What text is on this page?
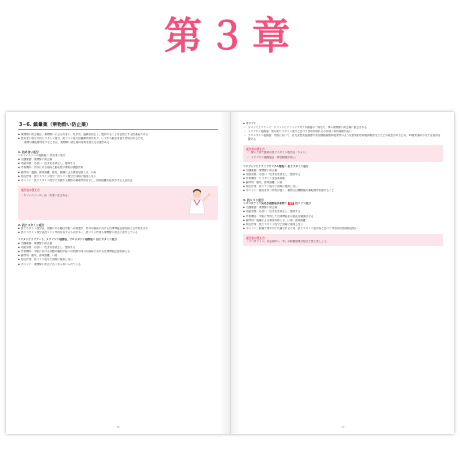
第３章
3−6. 鎮暈薬（乗物酔い防止薬）
● 乗物酔い防止薬は、乗物酔いによるめまい、吐き気、頭痛を防止し、緩和することを目的とする医薬品である
● 抗めまい成分や抗ヒスタミン成分、抗コリン成分は鎮静作用があり、いずれも眠気を促す作用があるため、
乗物の運転操作をするときは、乗物酔い防止薬の使用を控える必要がある
1. 抗めまい成分
＜ジフェニドール塩酸塩＞ 抗めまい成分
● 出題範囲：乗物酔い防止薬
● 効能効果：めまい・吐き気を防止し、緩和する
● 作用機序：内耳にある前庭と脳を結ぶ神経の調節作用
● 副作用：頭痛、排尿困難、眠気、散瞳による異常な眩しさ、口渇
● 相互作用：抗ヒスタミン成分・抗コリン成分と同時に服用しない
● ポイント：抗ヒスタミン成分と共通する類似の薬理作用を示し、排尿困難の症状がある人は注意
成分名の覚え方
「ジフェニドール」は「めまいを止める」
2. 抗ヒスタミン成分
● 抗ヒスタミン成分は、延髄にある嘔吐中枢への刺激や、内耳の前庭における自律神経反射を抑える作用を示す
● 抗ヒスタミン成分は抗コリン作用を有するものが多く、抗コリン作用も乗物酔い防止に寄与している
＜ジメンヒドリナート、メクリジン塩酸塩、プロメタジン塩酸塩＞ 抗ヒスタミン成分
● 出題範囲：乗物酔い防止薬
● 効能効果：めまい・吐き気を防止し、緩和する
● 作用機序：中枢における延髄の嘔吐中枢への刺激や内耳の前庭における自律神経反射を抑える
● 副作用：眠気、排尿困難、口渇
● 相互作用：抗コリン成分と同時に服用しない
● ポイント：乗物酔い防止に古くから用いられている
74
● ポイント
✓ ジメンヒドリナート：ジフェンヒドラミンテオクル酸塩の一般名で、専ら乗物酔い防止薬に配合される
✓ メクリジン塩酸塩：他の抗ヒスタミン成分と比べて作用が現れるのが遅く持続時間が長い
✓ プロメタジン塩酸塩：外国において、乳児突然死症候群や乳児睡眠時無呼吸発作のような致命的な呼吸抑制が生じたとの報告があるため、15歳未満の小児では使用を避ける
成分名の覚え方
✓ 酔いどめで最初の抗ヒスタミン成分は「ジメン」
✓ メクリジン塩酸塩は「持続時間が長い」
＜ジフェンヒドラミンサリチル酸塩＞ 抗ヒスタミン成分
● 出題範囲：乗物酔い防止薬
● 効能効果：めまい・吐き気を防止し、緩和する
● 作用機序：ヒスタミン受容体遮断
● 副作用：眠気、排尿困難、口渇
● 相互作用：抗コリン成分と同時に服用しない
● ポイント：眠気を伴う作用が強く、乗物又は機械類の運転操作を避けること
3. 抗コリン成分
＜スコポラミン臭化水素酸塩水和物＞ 重要 抗コリン成分
● 出題範囲：乗物酔い防止薬
● 効能効果：めまい・吐き気を防止し、緩和する
● 作用機序：中枢に作用して自律神経系の混乱を軽減させる
● 副作用：散瞳による異常な眩しさ、口渇、排尿困難
● 相互作用：抗ヒスタミン成分と同時に服用しない
● ポイント：肝臓で速やかに代謝されるため、抗ヒスタミン成分等と比べて作用の持続時間は短い
成分名の覚え方
「スコポラミン」の名前から「ポ」の時間効果の短さと覚えましょう。
77
